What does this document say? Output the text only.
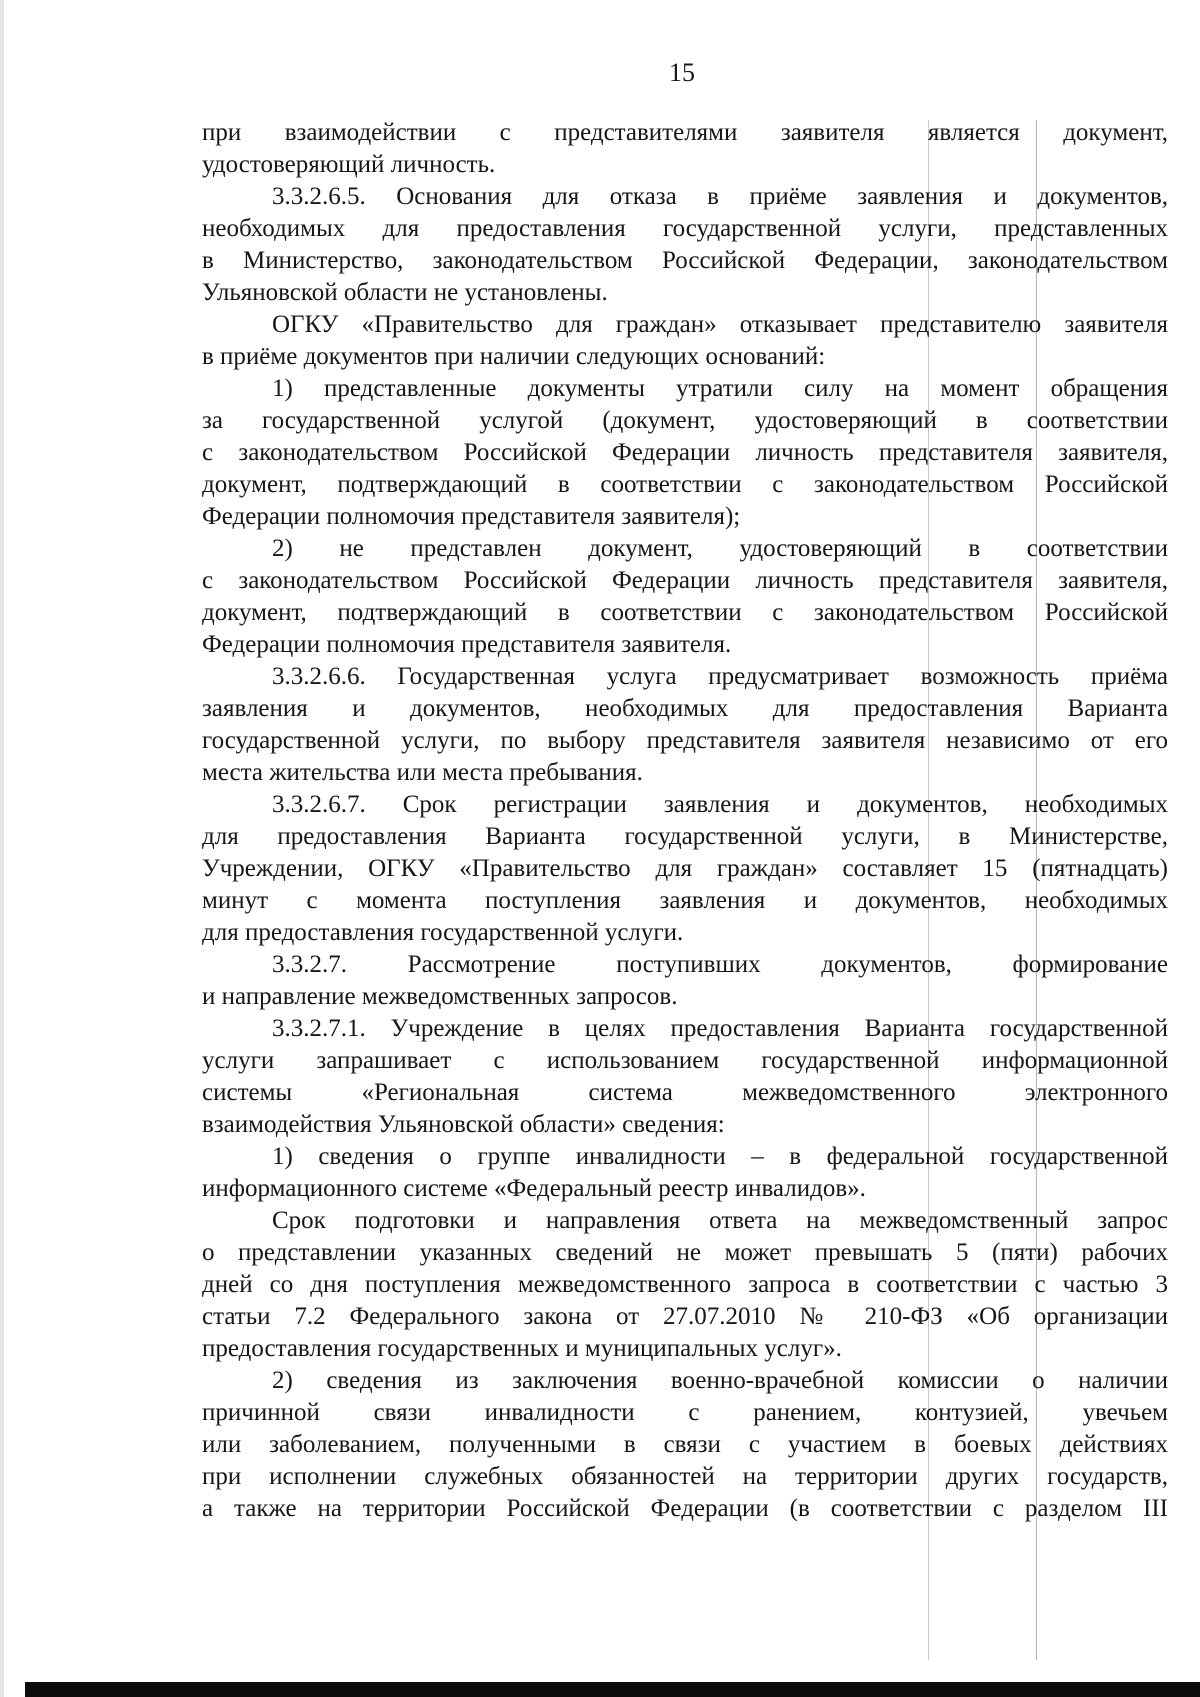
15
при взаимодействии с представителями заявителя является документ,
удостоверяющий личность.
3.3.2.6.5. Основания для отказа в приёме заявления и документов,
необходимых для предоставления государственной услуги, представленных
в Министерство, законодательством Российской Федерации, законодательством
Ульяновской области не установлены.
ОГКУ «Правительство для граждан» отказывает представителю заявителя
в приёме документов при наличии следующих оснований:
1) представленные документы утратили силу на момент обращения
за государственной услугой (документ, удостоверяющий в соответствии
с законодательством Российской Федерации личность представителя заявителя,
документ, подтверждающий в соответствии с законодательством Российской
Федерации полномочия представителя заявителя);
2) не представлен документ, удостоверяющий в соответствии
с законодательством Российской Федерации личность представителя заявителя,
документ, подтверждающий в соответствии с законодательством Российской
Федерации полномочия представителя заявителя.
3.3.2.6.6. Государственная услуга предусматривает возможность приёма
заявления и документов, необходимых для предоставления Варианта
государственной услуги, по выбору представителя заявителя независимо от его
места жительства или места пребывания.
3.3.2.6.7. Срок регистрации заявления и документов, необходимых
для предоставления Варианта государственной услуги, в Министерстве,
Учреждении, ОГКУ «Правительство для граждан» составляет 15 (пятнадцать)
минут с момента поступления заявления и документов, необходимых
для предоставления государственной услуги.
3.3.2.7. Рассмотрение поступивших документов, формирование
и направление межведомственных запросов.
3.3.2.7.1. Учреждение в целях предоставления Варианта государственной
услуги запрашивает с использованием государственной информационной
системы «Региональная система межведомственного электронного
взаимодействия Ульяновской области» сведения:
1) сведения о группе инвалидности – в федеральной государственной
информационного системе «Федеральный реестр инвалидов».
Срок подготовки и направления ответа на межведомственный запрос
о представлении указанных сведений не может превышать 5 (пяти) рабочих
дней со дня поступления межведомственного запроса в соответствии с частью 3
статьи 7.2 Федерального закона от 27.07.2010 № 210-ФЗ «Об организации
предоставления государственных и муниципальных услуг».
2) сведения из заключения военно-врачебной комиссии о наличии
причинной связи инвалидности с ранением, контузией, увечьем
или заболеванием, полученными в связи с участием в боевых действиях
при исполнении служебных обязанностей на территории других государств,
а также на территории Российской Федерации (в соответствии с разделом III
